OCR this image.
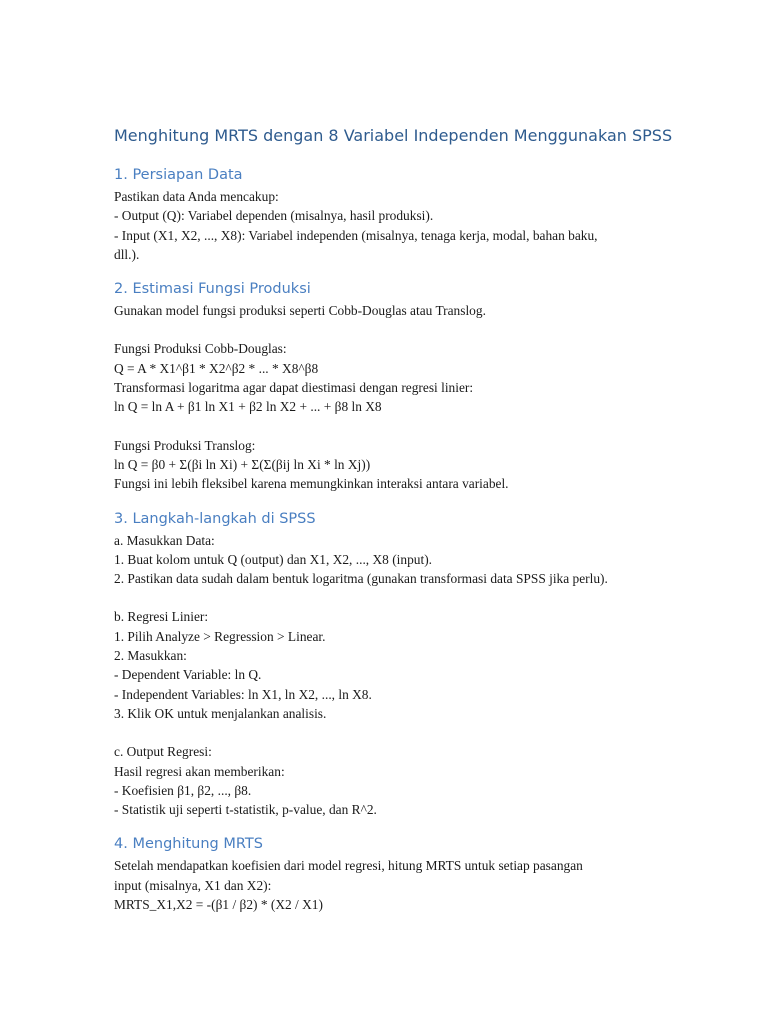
Menghitung MRTS dengan 8 Variabel Independen Menggunakan SPSS
1. Persiapan Data

Pastikan data Anda mencakup:

- Output (Q): Variabel dependen (misalnya, hasil produksi).

- Input (X1, X2, ..., X8): Variabel independen (misalnya, tenaga kerja, modal, bahan baku,

dll.).

2. Estimasi Fungsi Produksi

Gunakan model fungsi produksi seperti Cobb-Douglas atau Translog.

Fungsi Produksi Cobb-Douglas:

Q = A * X1^β1 * X2^β2 * ... * X8^β8

Transformasi logaritma agar dapat diestimasi dengan regresi linier:

ln Q = ln A + β1 ln X1 + β2 ln X2 + ... + β8 ln X8

Fungsi Produksi Translog:

ln Q = β0 + Σ(βi ln Xi) + Σ(Σ(βij ln Xi * ln Xj))

Fungsi ini lebih fleksibel karena memungkinkan interaksi antara variabel.

3. Langkah-langkah di SPSS

a. Masukkan Data:

1. Buat kolom untuk Q (output) dan X1, X2, ..., X8 (input).

2. Pastikan data sudah dalam bentuk logaritma (gunakan transformasi data SPSS jika perlu).

b. Regresi Linier:

1. Pilih Analyze > Regression > Linear.

2. Masukkan:

- Dependent Variable: ln Q.

- Independent Variables: ln X1, ln X2, ..., ln X8.

3. Klik OK untuk menjalankan analisis.

c. Output Regresi:

Hasil regresi akan memberikan:

- Koefisien β1, β2, ..., β8.

- Statistik uji seperti t-statistik, p-value, dan R^2.

4. Menghitung MRTS

Setelah mendapatkan koefisien dari model regresi, hitung MRTS untuk setiap pasangan

input (misalnya, X1 dan X2):

MRTS_X1,X2 = -(β1 / β2) * (X2 / X1)
